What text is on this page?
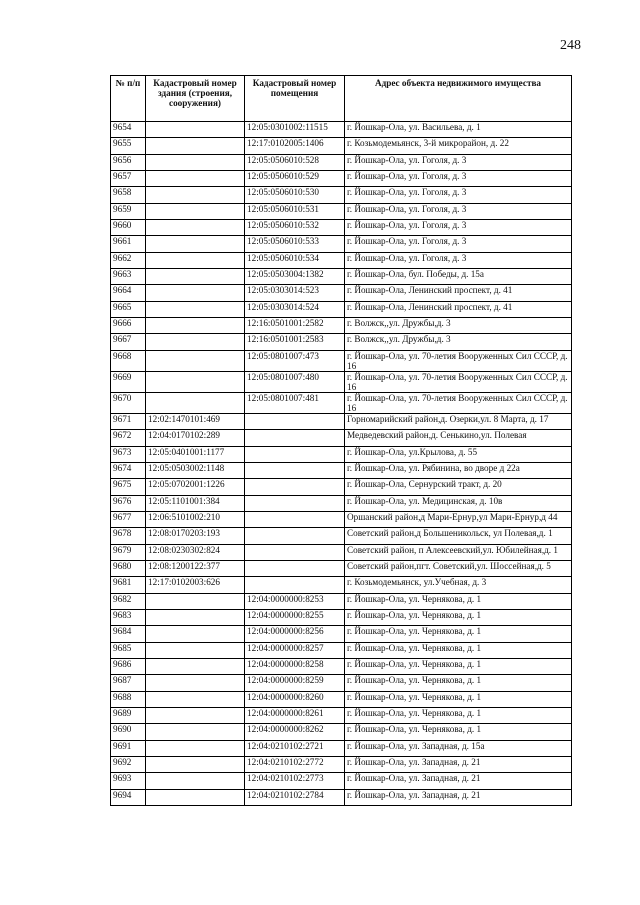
248
№ п/п	Кадастровый номер здания (строения, сооружения)	Кадастровый номер помещения	Адрес объекта недвижимого имущества
9654		12:05:0301002:11515	г. Йошкар-Ола, ул. Васильева, д. 1
9655		12:17:0102005:1406	г. Козьмодемьянск, 3-й микрорайон, д. 22
9656		12:05:0506010:528	г. Йошкар-Ола, ул. Гоголя, д. 3
9657		12:05:0506010:529	г. Йошкар-Ола, ул. Гоголя, д. 3
9658		12:05:0506010:530	г. Йошкар-Ола, ул. Гоголя, д. 3
9659		12:05:0506010:531	г. Йошкар-Ола, ул. Гоголя, д. 3
9660		12:05:0506010:532	г. Йошкар-Ола, ул. Гоголя, д. 3
9661		12:05:0506010:533	г. Йошкар-Ола, ул. Гоголя, д. 3
9662		12:05:0506010:534	г. Йошкар-Ола, ул. Гоголя, д. 3
9663		12:05:0503004:1382	г. Йошкар-Ола, бул. Победы, д. 15а
9664		12:05:0303014:523	г. Йошкар-Ола, Ленинский проспект, д. 41
9665		12:05:0303014:524	г. Йошкар-Ола, Ленинский проспект, д. 41
9666		12:16:0501001:2582	г. Волжск,,ул. Дружбы,д. 3
9667		12:16:0501001:2583	г. Волжск,,ул. Дружбы,д. 3
9668		12:05:0801007:473	г. Йошкар-Ола, ул. 70-летия Вооруженных Сил СССР, д. 16
9669		12:05:0801007:480	г. Йошкар-Ола, ул. 70-летия Вооруженных Сил СССР, д. 16
9670		12:05:0801007:481	г. Йошкар-Ола, ул. 70-летия Вооруженных Сил СССР, д. 16
9671	12:02:1470101:469		Горномарийский район,д. Озерки,ул. 8 Марта, д. 17
9672	12:04:0170102:289		Медведевский район,д. Сенькино,ул. Полевая
9673	12:05:0401001:1177		г. Йошкар-Ола, ул.Крылова, д. 55
9674	12:05:0503002:1148		г. Йошкар-Ола, ул. Рябинина, во дворе д 22а
9675	12:05:0702001:1226		г. Йошкар-Ола, Сернурский тракт, д. 20
9676	12:05:1101001:384		г. Йошкар-Ола, ул. Медицинская, д. 10в
9677	12:06:5101002:210		Оршанский район,д Мари-Ернур,ул Мари-Ернур,д 44
9678	12:08:0170203:193		Советский район,д Большеникольск, ул Полевая,д. 1
9679	12:08:0230302:824		Советский район, п Алексеевский,ул. Юбилейная,д. 1
9680	12:08:1200122:377		Советский район,пгт. Советский,ул. Шоссейная,д. 5
9681	12:17:0102003:626		г. Козьмодемьянск, ул.Учебная, д. 3
9682		12:04:0000000:8253	г. Йошкар-Ола, ул. Чернякова, д. 1
9683		12:04:0000000:8255	г. Йошкар-Ола, ул. Чернякова, д. 1
9684		12:04:0000000:8256	г. Йошкар-Ола, ул. Чернякова, д. 1
9685		12:04:0000000:8257	г. Йошкар-Ола, ул. Чернякова, д. 1
9686		12:04:0000000:8258	г. Йошкар-Ола, ул. Чернякова, д. 1
9687		12:04:0000000:8259	г. Йошкар-Ола, ул. Чернякова, д. 1
9688		12:04:0000000:8260	г. Йошкар-Ола, ул. Чернякова, д. 1
9689		12:04:0000000:8261	г. Йошкар-Ола, ул. Чернякова, д. 1
9690		12:04:0000000:8262	г. Йошкар-Ола, ул. Чернякова, д. 1
9691		12:04:0210102:2721	г. Йошкар-Ола, ул. Западная, д. 15а
9692		12:04:0210102:2772	г. Йошкар-Ола, ул. Западная, д. 21
9693		12:04:0210102:2773	г. Йошкар-Ола, ул. Западная, д. 21
9694		12:04:0210102:2784	г. Йошкар-Ола, ул. Западная, д. 21
